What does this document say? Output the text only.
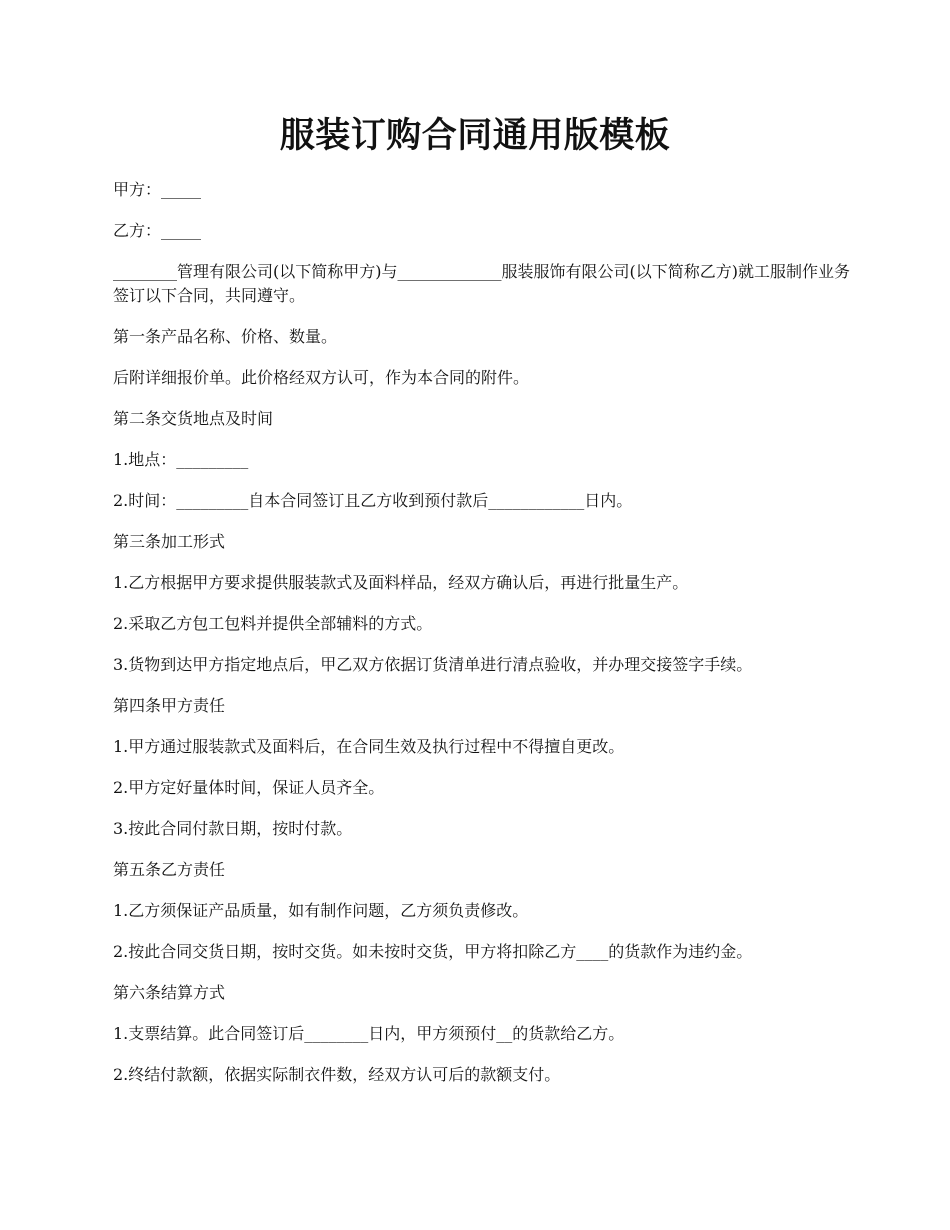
服装订购合同通用版模板

甲方：_____

乙方：_____

________管理有限公司(以下简称甲方)与_____________服装服饰有限公司(以下简称乙方)就工服制作业务签订以下合同，共同遵守。

第一条产品名称、价格、数量。

后附详细报价单。此价格经双方认可，作为本合同的附件。

第二条交货地点及时间

1.地点：_________

2.时间：_________自本合同签订且乙方收到预付款后____________日内。

第三条加工形式

1.乙方根据甲方要求提供服装款式及面料样品，经双方确认后，再进行批量生产。

2.采取乙方包工包料并提供全部辅料的方式。

3.货物到达甲方指定地点后，甲乙双方依据订货清单进行清点验收，并办理交接签字手续。

第四条甲方责任

1.甲方通过服装款式及面料后，在合同生效及执行过程中不得擅自更改。

2.甲方定好量体时间，保证人员齐全。

3.按此合同付款日期，按时付款。

第五条乙方责任

1.乙方须保证产品质量，如有制作问题，乙方须负责修改。

2.按此合同交货日期，按时交货。如未按时交货，甲方将扣除乙方____的货款作为违约金。

第六条结算方式

1.支票结算。此合同签订后________日内，甲方须预付__的货款给乙方。

2.终结付款额，依据实际制衣件数，经双方认可后的款额支付。
